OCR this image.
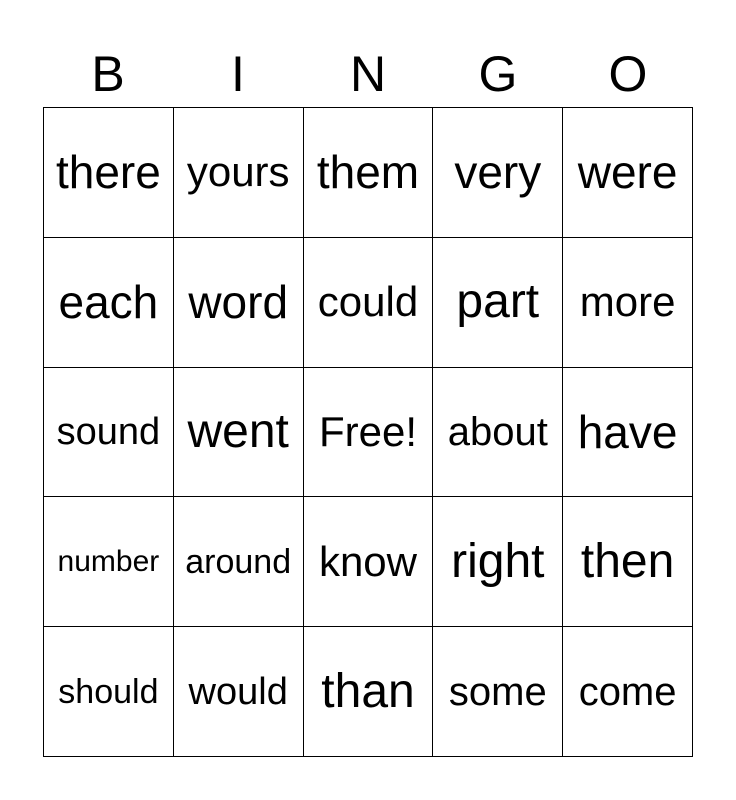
B	I	N	G	O
there yours them very were
each word could part more
sound went Free! about have
number around know right then
should would than some come
